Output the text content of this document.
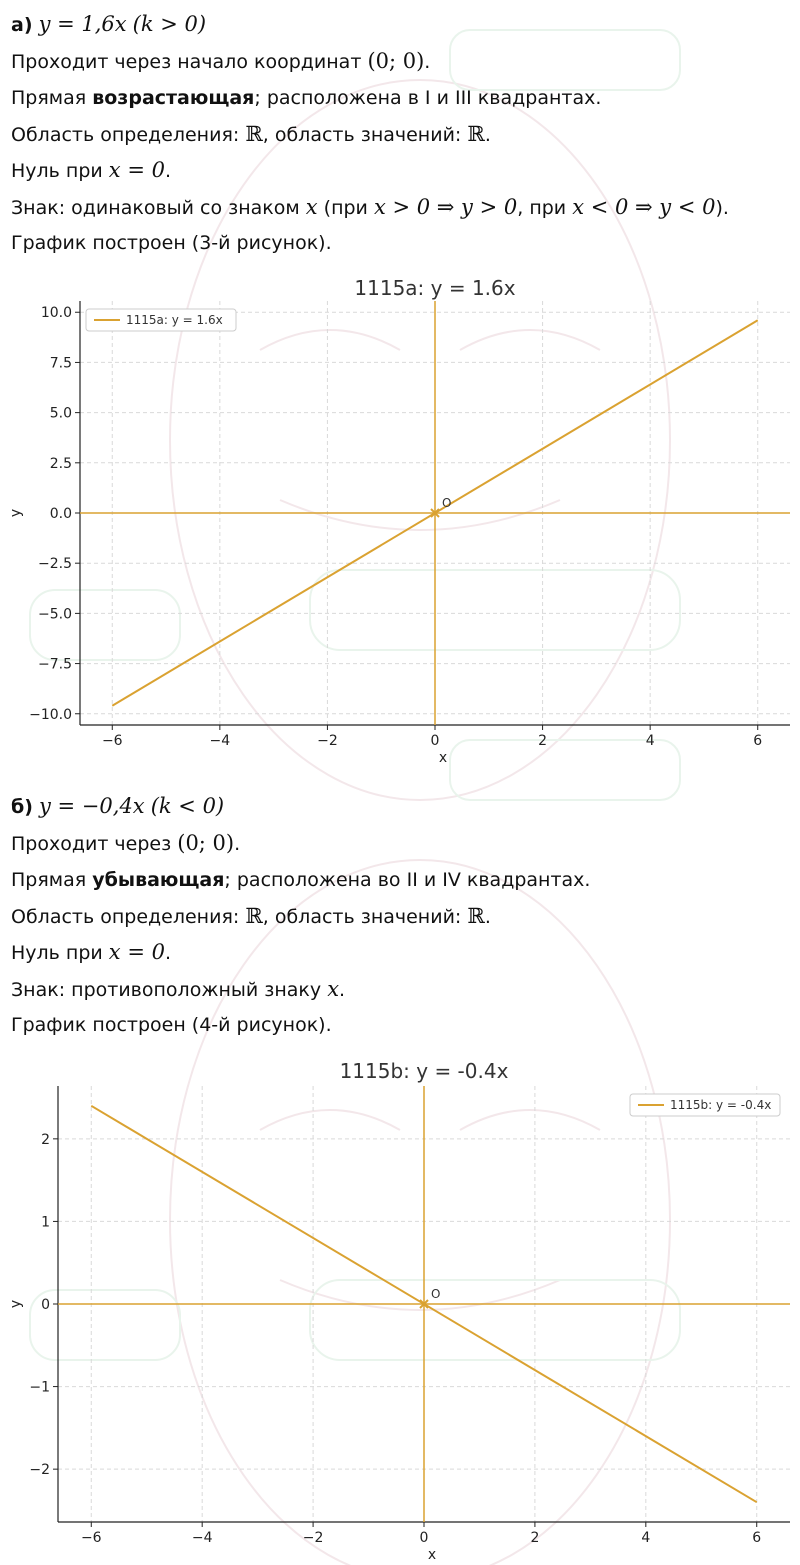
а) y = 1,6x (k > 0)
Проходит через начало координат (0; 0).
Прямая возрастающая; расположена в I и III квадрантах.
Область определения: ℝ, область значений: ℝ.
Нуль при x = 0.
Знак: одинаковый со знаком x (при x > 0 ⇒ y > 0, при x < 0 ⇒ y < 0).
График построен (3-й рисунок).
1115a: y = 1.6x
−6	−4	−2	0	2	4	6
10.0
7.5
5.0
2.5
0.0
−2.5
−5.0
−7.5
−10.0
x
y
O
1115a: y = 1.6x
б) y = −0,4x (k < 0)
Проходит через (0; 0).
Прямая убывающая; расположена во II и IV квадрантах.
Область определения: ℝ, область значений: ℝ.
Нуль при x = 0.
Знак: противоположный знаку x.
График построен (4-й рисунок).
1115b: y = -0.4x
−6	−4	−2	0	2	4	6
2
1
0
−1
−2
x
y
O
1115b: y = -0.4x
